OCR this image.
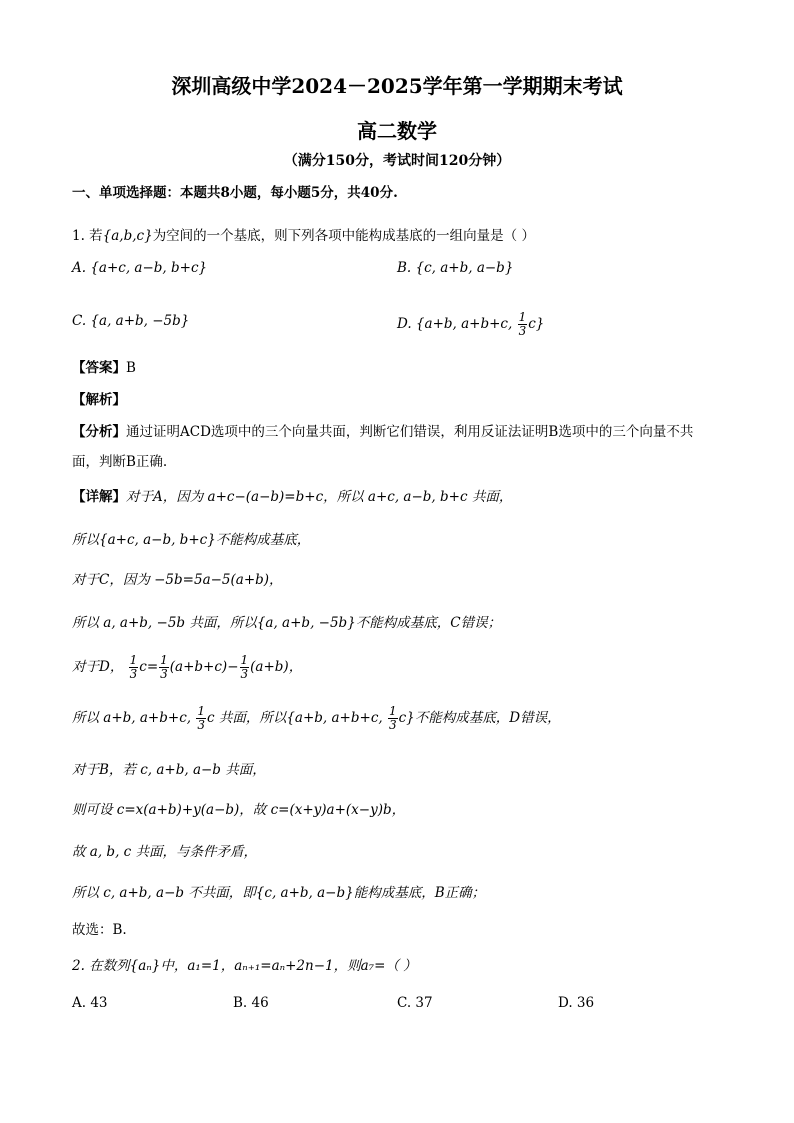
深圳高级中学2024－2025学年第一学期期末考试
高二数学
（满分150分，考试时间120分钟）
一、单项选择题：本题共8小题，每小题5分，共40分.
1. 若{a,b,c}为空间的一个基底，则下列各项中能构成基底的一组向量是（ ）
A. {a+c, a−b, b+c}	B. {c, a+b, a−b}
C. {a, a+b, −5b}	D. {a+b, a+b+c, $\frac{1}{3} c$}
【答案】B
【解析】
【分析】通过证明ACD选项中的三个向量共面，判断它们错误，利用反证法证明B选项中的三个向量不共
面，判断B正确.
【详解】对于A，因为 a+c−(a−b)=b+c，所以 a+c, a−b, b+c 共面，
所以{a+c, a−b, b+c}不能构成基底，
对于C，因为 −5b=5a−5(a+b)，
所以 a, a+b, −5b 共面，所以{a, a+b, −5b}不能构成基底，C错误；
对于D， $\frac{1}{3} c= \frac{1}{3} (a+b+c)- \frac{1}{3} (a+b)$，
所以 a+b, a+b+c, $\frac{1}{3}$ c 共面，所以{a+b, a+b+c, $\frac{1}{3} c$}不能构成基底，D错误，
对于B，若 c, a+b, a−b 共面，
则可设 c=x(a+b)+y(a−b)，故 c=(x+y)a+(x−y)b，
故 a, b, c 共面，与条件矛盾，
所以 c, a+b, a−b 不共面，即{c, a+b, a−b}能构成基底，B正确；
故选：B.
2. 在数列{aₙ}中，a₁=1，aₙ₊₁=aₙ+2n−1，则a₇=（ ）
A. 43	B. 46	C. 37	D. 36
